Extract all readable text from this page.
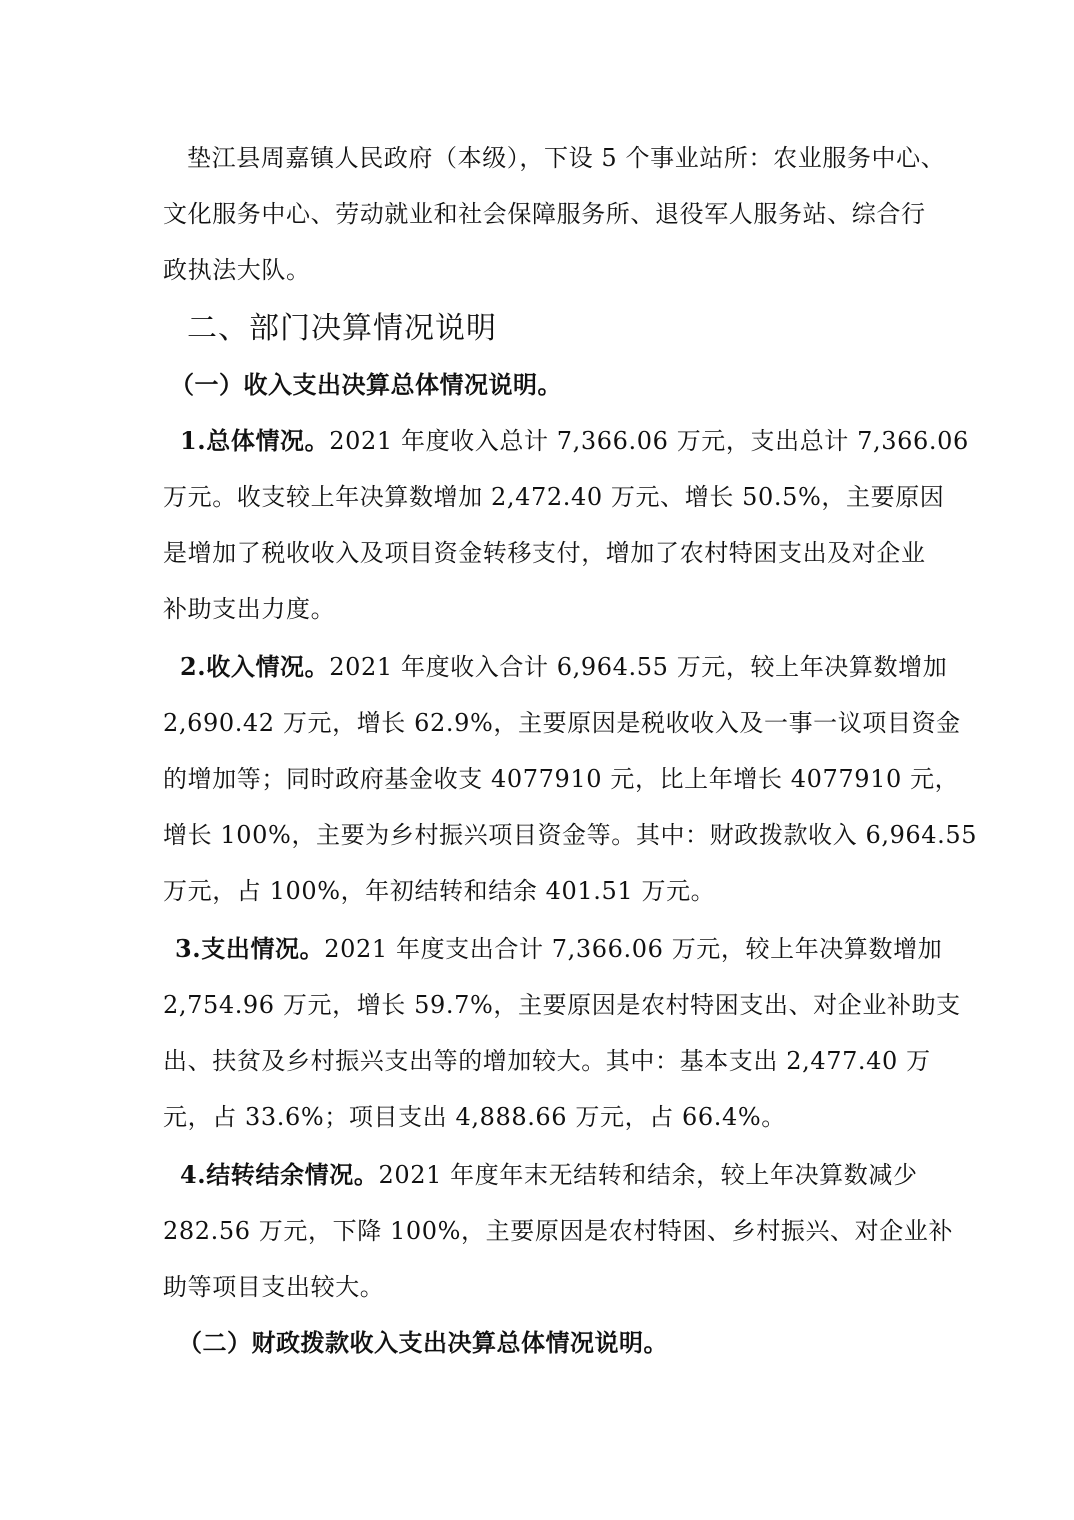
垫江县周嘉镇人民政府（本级），下设 5 个事业站所：农业服务中心、
文化服务中心、劳动就业和社会保障服务所、退役军人服务站、综合行
政执法大队。
二、部门决算情况说明
（一）收入支出决算总体情况说明。
1.总体情况。2021 年度收入总计 7,366.06 万元，支出总计 7,366.06
万元。收支较上年决算数增加 2,472.40 万元、增长 50.5%，主要原因
是增加了税收收入及项目资金转移支付，增加了农村特困支出及对企业
补助支出力度。
2.收入情况。2021 年度收入合计 6,964.55 万元，较上年决算数增加
2,690.42 万元，增长 62.9%，主要原因是税收收入及一事一议项目资金
的增加等；同时政府基金收支 4077910 元，比上年增长 4077910 元，
增长 100%，主要为乡村振兴项目资金等。其中：财政拨款收入 6,964.55
万元，占 100%，年初结转和结余 401.51 万元。
3.支出情况。2021 年度支出合计 7,366.06 万元，较上年决算数增加
2,754.96 万元，增长 59.7%，主要原因是农村特困支出、对企业补助支
出、扶贫及乡村振兴支出等的增加较大。其中：基本支出 2,477.40 万
元，占 33.6%；项目支出 4,888.66 万元，占 66.4%。
4.结转结余情况。2021 年度年末无结转和结余，较上年决算数减少
282.56 万元，下降 100%，主要原因是农村特困、乡村振兴、对企业补
助等项目支出较大。
（二）财政拨款收入支出决算总体情况说明。
